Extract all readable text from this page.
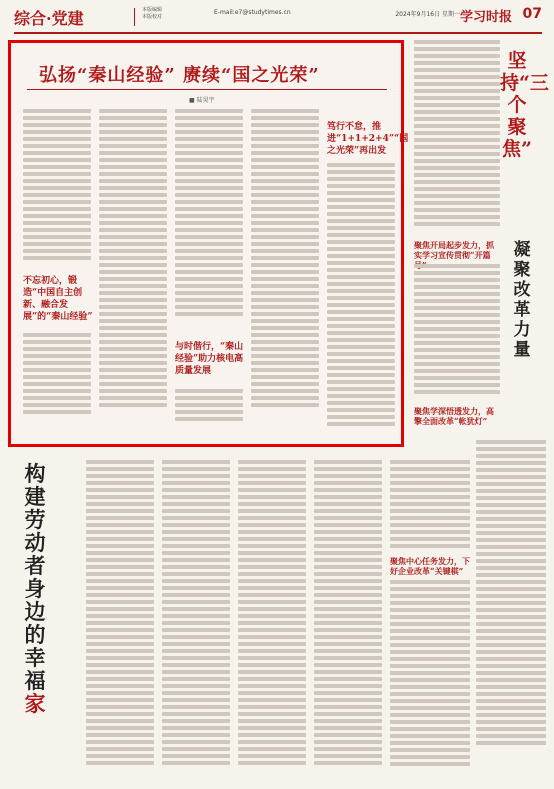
综合·党建	本版编辑
本版校对
E-mail:e7@studytimes.cn	2024年9月16日 星期一 学习时报 07
弘扬“秦山经验” 赓续“国之光荣”
■ 陆昊宇
不忘初心，锻造“中国自主创新、融合发展”的“秦山经验”
与时偕行，“秦山经验”助力核电高质量发展
笃行不怠，推进“1+1+2+4”“国之光荣”再出发
聚焦开局起步发力，抓实学习宣传贯彻“开篇
聚焦学深悟透发力，高擎全面改革“帐犹灯”
坚持“三个聚焦”
凝聚改革力量
构建劳动者身边的幸福家
聚焦中心任务发力，下好企业改革“关键棋”
